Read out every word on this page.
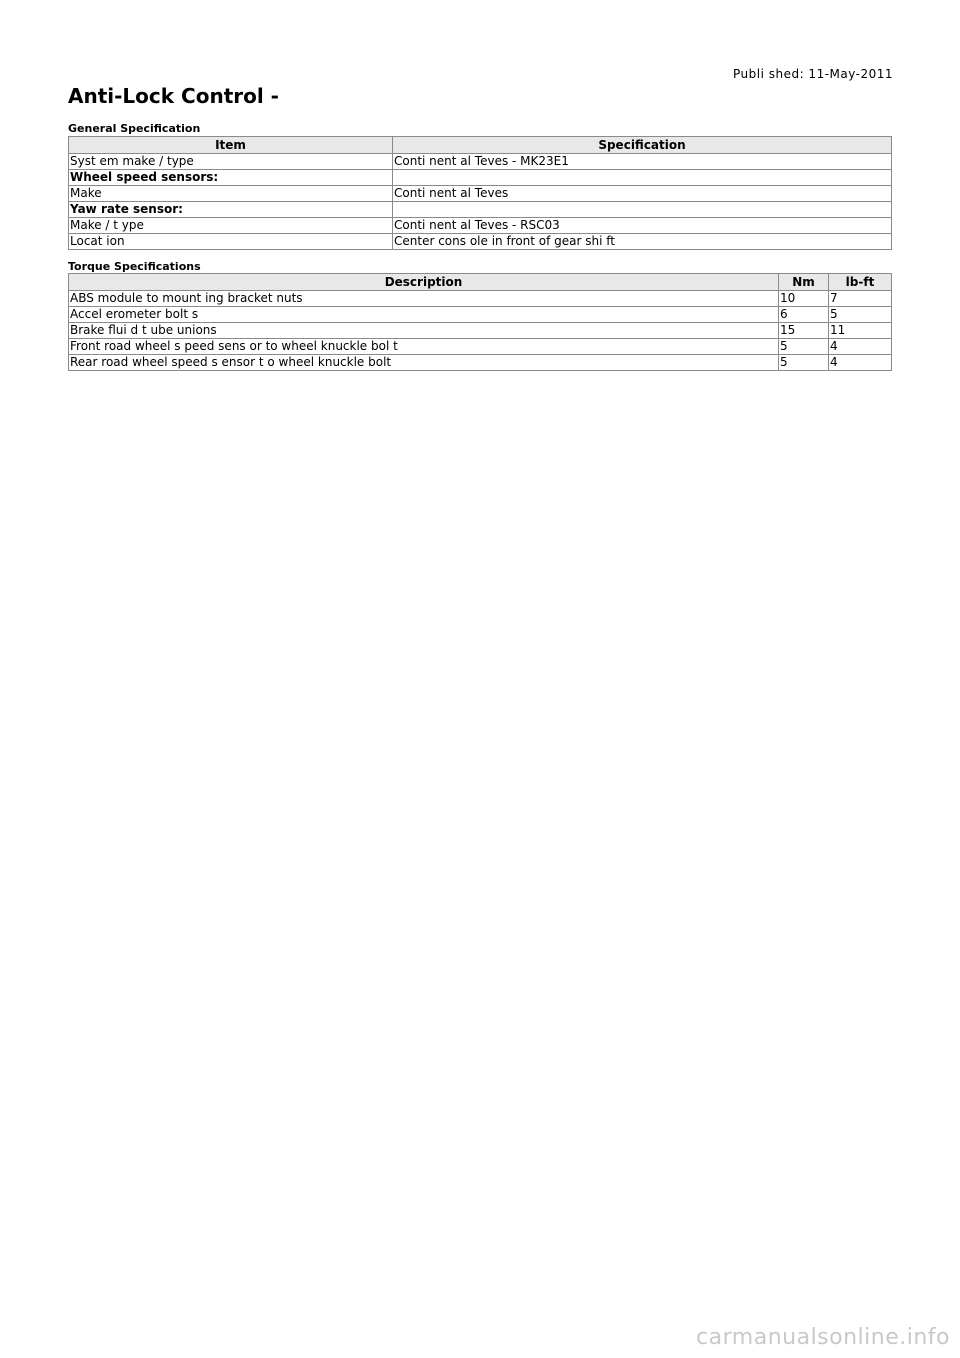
Publi shed: 11-May-2011
Anti-Lock Control -
General Specification
Item	Specification
Syst em make / type	Conti nent al Teves - MK23E1
Wheel speed sensors:	
Make	Conti nent al Teves
Yaw rate sensor:	
Make / t ype	Conti nent al Teves - RSC03
Locat ion	Center cons ole in front of gear shi ft
Torque Specifications
Description	Nm	lb-ft
ABS module to mount ing bracket nuts	10	7
Accel erometer bolt s	6	5
Brake flui d t ube unions	15	11
Front road wheel s peed sens or to wheel knuckle bol t	5	4
Rear road wheel speed s ensor t o wheel knuckle bolt	5	4
carmanualsonline.info
